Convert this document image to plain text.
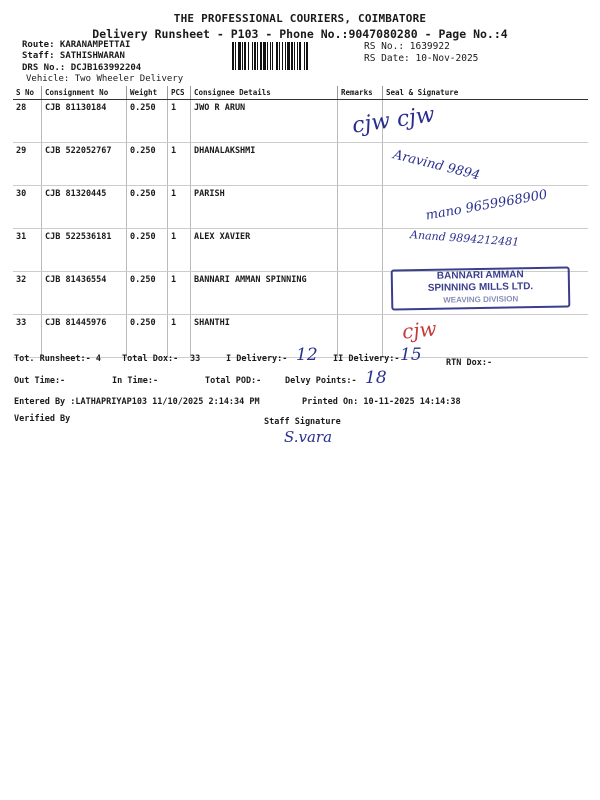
THE PROFESSIONAL COURIERS, COIMBATORE
Delivery Runsheet - P103 - Phone No.:9047080280 - Page No.:4
Route: KARANAMPETTAI
Staff: SATHISHWARAN
DRS No.: DCJB163992204
Vehicle: Two Wheeler Delivery
RS No.: 1639922
RS Date: 10-Nov-2025
S No	Consignment No	Weight	PCS	Consignee Details	Remarks	Seal & Signature
28	CJB 81130184	0.250	1	JWO R ARUN		
29	CJB 522052767	0.250	1	DHANALAKSHMI		
30	CJB 81320445	0.250	1	PARISH		
31	CJB 522536181	0.250	1	ALEX XAVIER		
32	CJB 81436554	0.250	1	BANNARI AMMAN SPINNING		
33	CJB 81445976	0.250	1	SHANTHI		
cjw cjw
Aravind 9894
mano 9659968900
Anand 9894212481
cjw
BANNARI AMMAN
SPINNING MILLS LTD.
WEAVING DIVISION
Tot. Runsheet:- 4 Total Dox:- 33	I Delivery:- 12 II Delivery:- 15	RTN Dox:-
Out Time:-	In Time:-	Total POD:-	Delvy Points:- 18
Entered By :LATHAPRIYAP103 11/10/2025 2:14:34 PM	Printed On: 10-11-2025 14:14:38
Verified By	Staff Signature
S.vara
